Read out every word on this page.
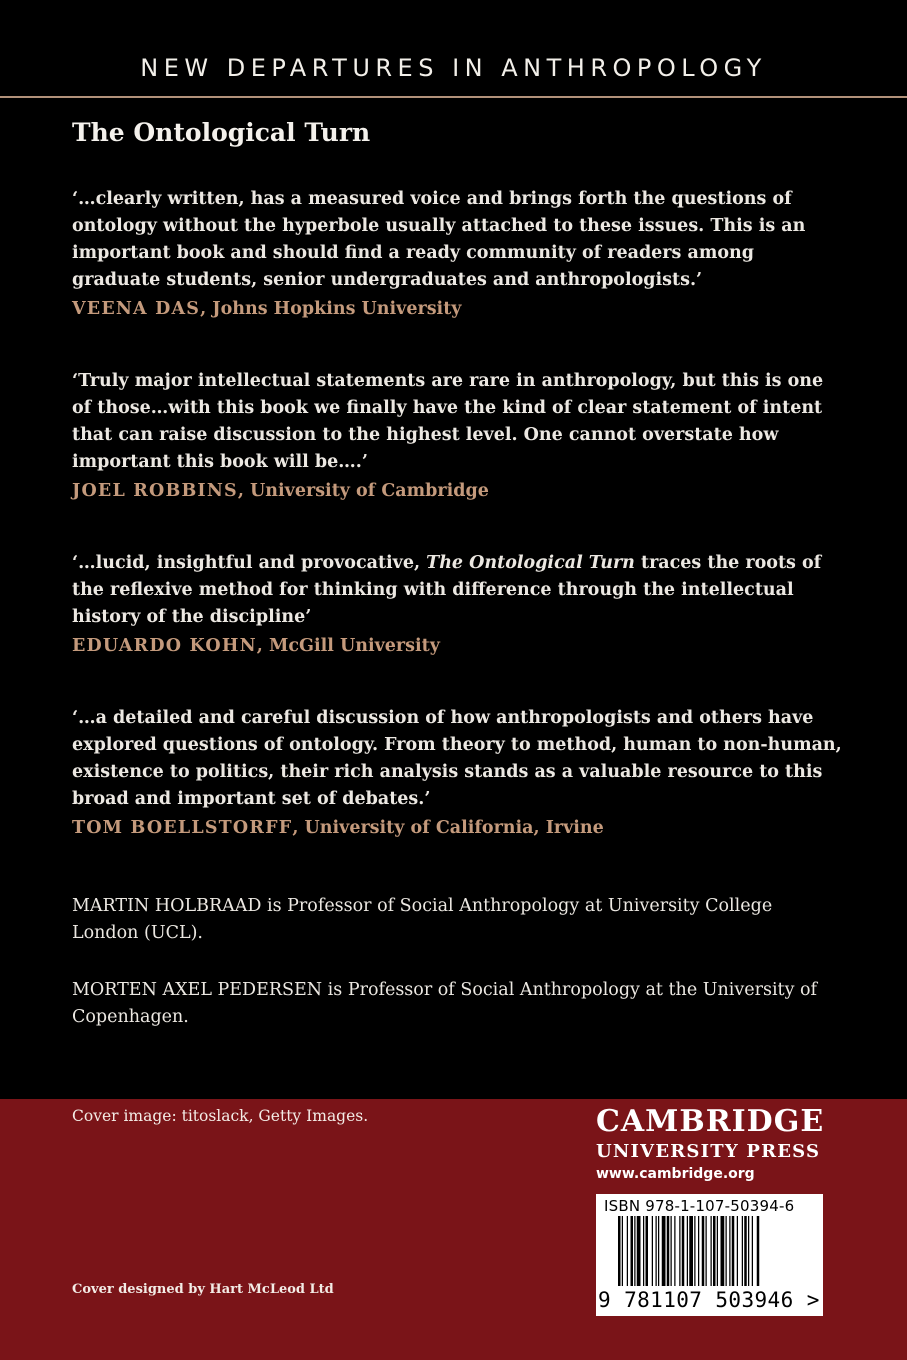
NEW DEPARTURES IN ANTHROPOLOGY
The Ontological Turn
‘…clearly written, has a measured voice and brings forth the questions of ontology without the hyperbole usually attached to these issues. This is an important book and should find a ready community of readers among graduate students, senior undergraduates and anthropologists.’
VEENA DAS, Johns Hopkins University
‘Truly major intellectual statements are rare in anthropology, but this is one of those…with this book we finally have the kind of clear statement of intent that can raise discussion to the highest level. One cannot overstate how important this book will be….’
JOEL ROBBINS, University of Cambridge
‘…lucid, insightful and provocative, The Ontological Turn traces the roots of the reflexive method for thinking with difference through the intellectual history of the discipline’
EDUARDO KOHN, McGill University
‘…a detailed and careful discussion of how anthropologists and others have explored questions of ontology. From theory to method, human to non-human, existence to politics, their rich analysis stands as a valuable resource to this broad and important set of debates.’
TOM BOELLSTORFF, University of California, Irvine
MARTIN HOLBRAAD is Professor of Social Anthropology at University College London (UCL).
MORTEN AXEL PEDERSEN is Professor of Social Anthropology at the University of Copenhagen.
Cover image: titoslack, Getty Images.
Cover designed by Hart McLeod Ltd
CAMBRIDGE
UNIVERSITY PRESS
www.cambridge.org
ISBN 978-1-107-50394-6
9 781107 503946 >
